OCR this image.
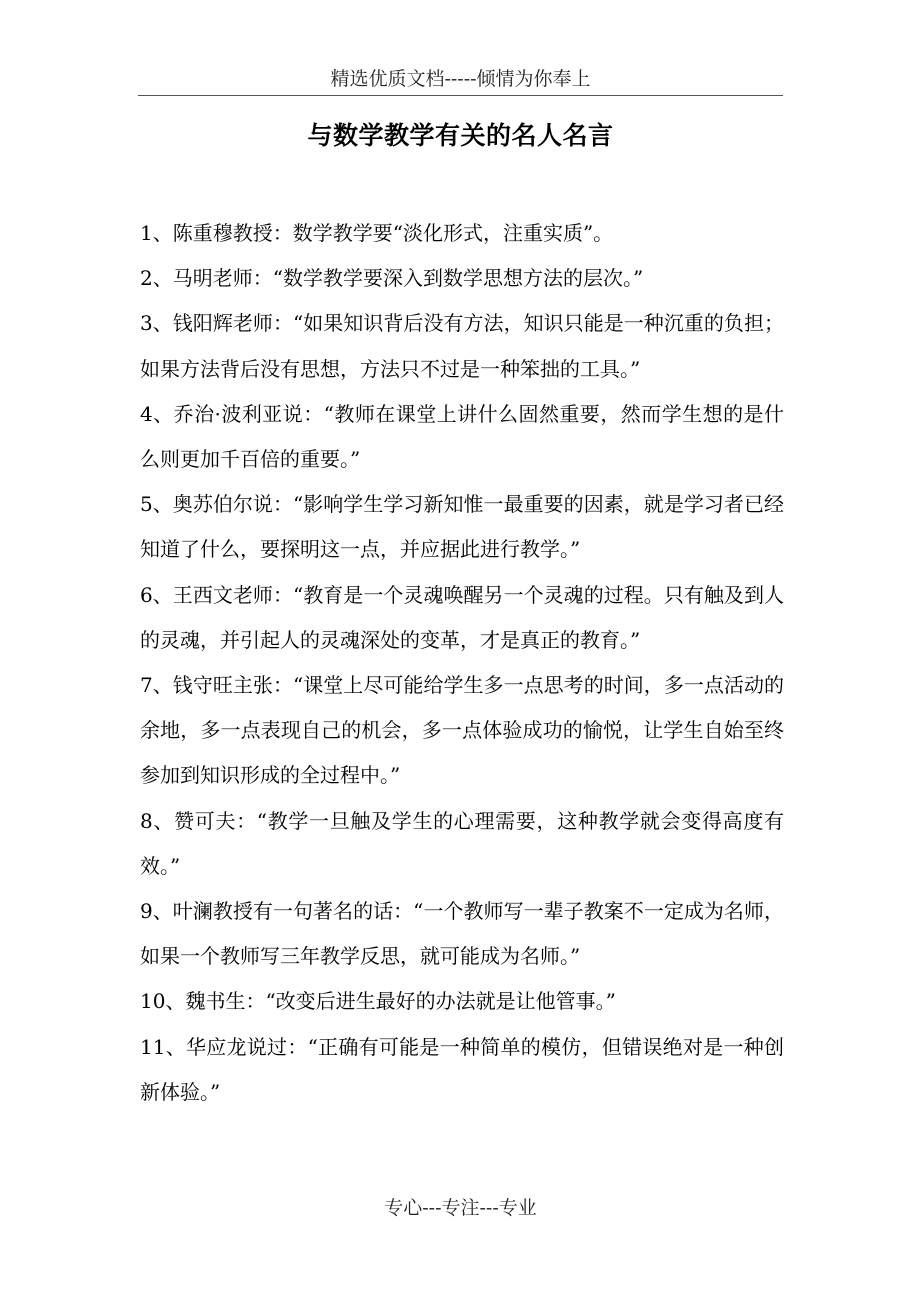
精选优质文档-----倾情为你奉上
与数学教学有关的名人名言
1、陈重穆教授：数学教学要“淡化形式，注重实质”。
2、马明老师：“数学教学要深入到数学思想方法的层次。”
3、钱阳辉老师：“如果知识背后没有方法，知识只能是一种沉重的负担；如果方法背后没有思想，方法只不过是一种笨拙的工具。”
4、乔治·波利亚说：“教师在课堂上讲什么固然重要，然而学生想的是什么则更加千百倍的重要。”
5、奥苏伯尔说：“影响学生学习新知惟一最重要的因素，就是学习者已经知道了什么，要探明这一点，并应据此进行教学。”
6、王西文老师：“教育是一个灵魂唤醒另一个灵魂的过程。只有触及到人的灵魂，并引起人的灵魂深处的变革，才是真正的教育。”
7、钱守旺主张：“课堂上尽可能给学生多一点思考的时间，多一点活动的余地，多一点表现自己的机会，多一点体验成功的愉悦，让学生自始至终参加到知识形成的全过程中。”
8、赞可夫：“教学一旦触及学生的心理需要，这种教学就会变得高度有效。”
9、叶澜教授有一句著名的话：“一个教师写一辈子教案不一定成为名师，如果一个教师写三年教学反思，就可能成为名师。”
10、魏书生：“改变后进生最好的办法就是让他管事。”
11、华应龙说过：“正确有可能是一种简单的模仿，但错误绝对是一种创新体验。”
专心---专注---专业
